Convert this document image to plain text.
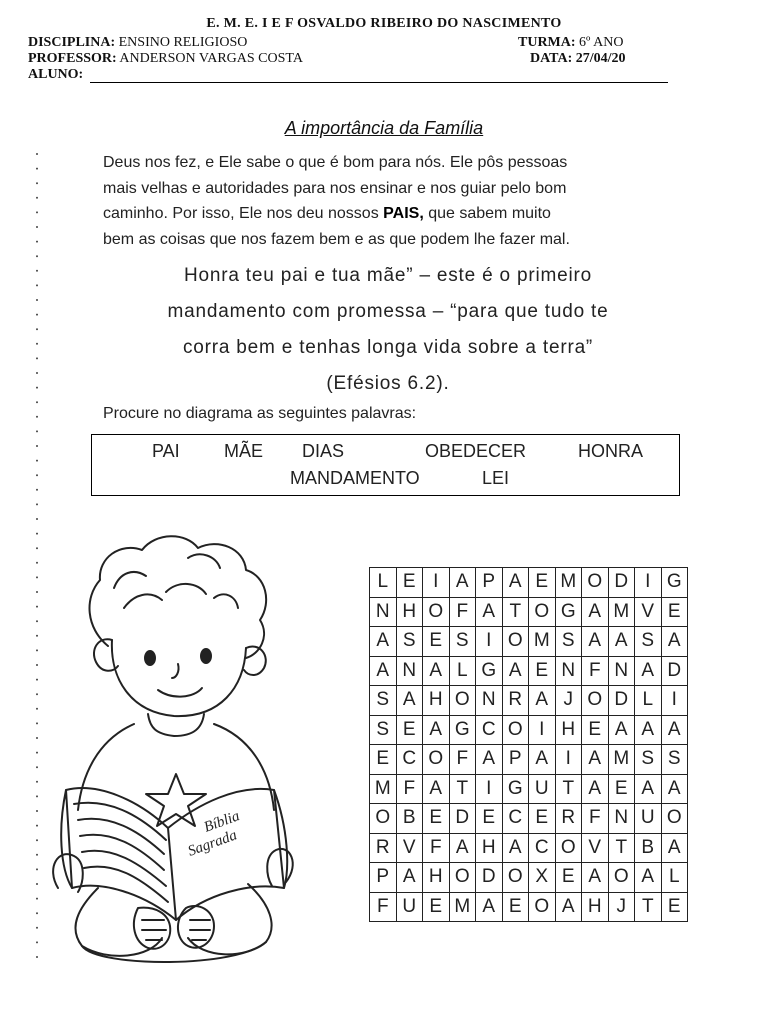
E. M. E. I E F OSVALDO RIBEIRO DO NASCIMENTO
DISCIPLINA: ENSINO RELIGIOSO	TURMA: 6º ANO
PROFESSOR: ANDERSON VARGAS COSTA	DATA: 27/04/20
ALUNO:
A importância da Família
Deus nos fez, e Ele sabe o que é bom para nós. Ele pôs pessoas
mais velhas e autoridades para nos ensinar e nos guiar pelo bom
caminho. Por isso, Ele nos deu nossos PAIS, que sabem muito
bem as coisas que nos fazem bem e as que podem lhe fazer mal.
Honra teu pai e tua mãe” – este é o primeiro
mandamento com promessa – “para que tudo te
corra bem e tenhas longa vida sobre a terra”
(Efésios 6.2).
Procure no diagrama as seguintes palavras:
PAI MÃE DIAS	OBEDECER	HONRA
MANDAMENTO	LEI
L	E	I	A	P	A	E	M	O	D	I	G
N	H	O	F	A	T	O	G	A	M	V	E
A	S	E	S	I	O	M	S	A	A	S	A
A	N	A	L	G	A	E	N	F	N	A	D
S	A	H	O	N	R	A	J	O	D	L	I
S	E	A	G	C	O	I	H	E	A	A	A
E	C	O	F	A	P	A	I	A	M	S	S
M	F	A	T	I	G	U	T	A	E	A	A
O	B	E	D	E	C	E	R	F	N	U	O
R	V	F	A	H	A	C	O	V	T	B	A
P	A	H	O	D	O	X	E	A	O	A	L
F	U	E	M	A	E	O	A	H	J	T	E
Bíblia
Sagrada
